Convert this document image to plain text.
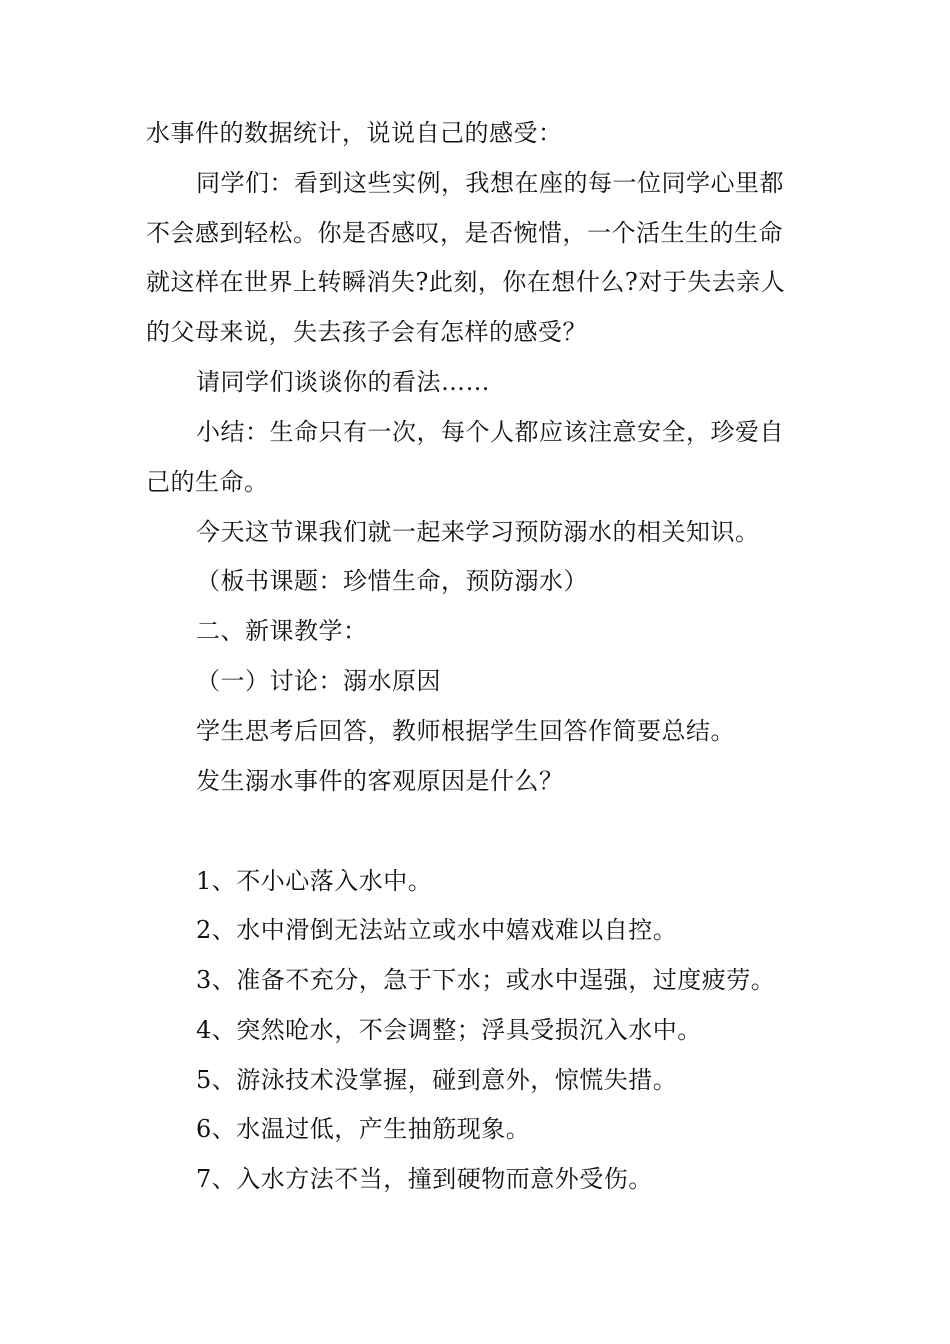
水事件的数据统计，说说自己的感受：
同学们：看到这些实例，我想在座的每一位同学心里都
不会感到轻松。你是否感叹，是否惋惜，一个活生生的生命
就这样在世界上转瞬消失?此刻，你在想什么?对于失去亲人
的父母来说，失去孩子会有怎样的感受？
请同学们谈谈你的看法……
小结：生命只有一次，每个人都应该注意安全，珍爱自
己的生命。
今天这节课我们就一起来学习预防溺水的相关知识。
（板书课题：珍惜生命，预防溺水）
二、新课教学：
（一）讨论：溺水原因
学生思考后回答，教师根据学生回答作简要总结。
发生溺水事件的客观原因是什么？
1、不小心落入水中。
2、水中滑倒无法站立或水中嬉戏难以自控。
3、准备不充分，急于下水；或水中逞强，过度疲劳。
4、突然呛水，不会调整；浮具受损沉入水中。
5、游泳技术没掌握，碰到意外，惊慌失措。
6、水温过低，产生抽筋现象。
7、入水方法不当，撞到硬物而意外受伤。
